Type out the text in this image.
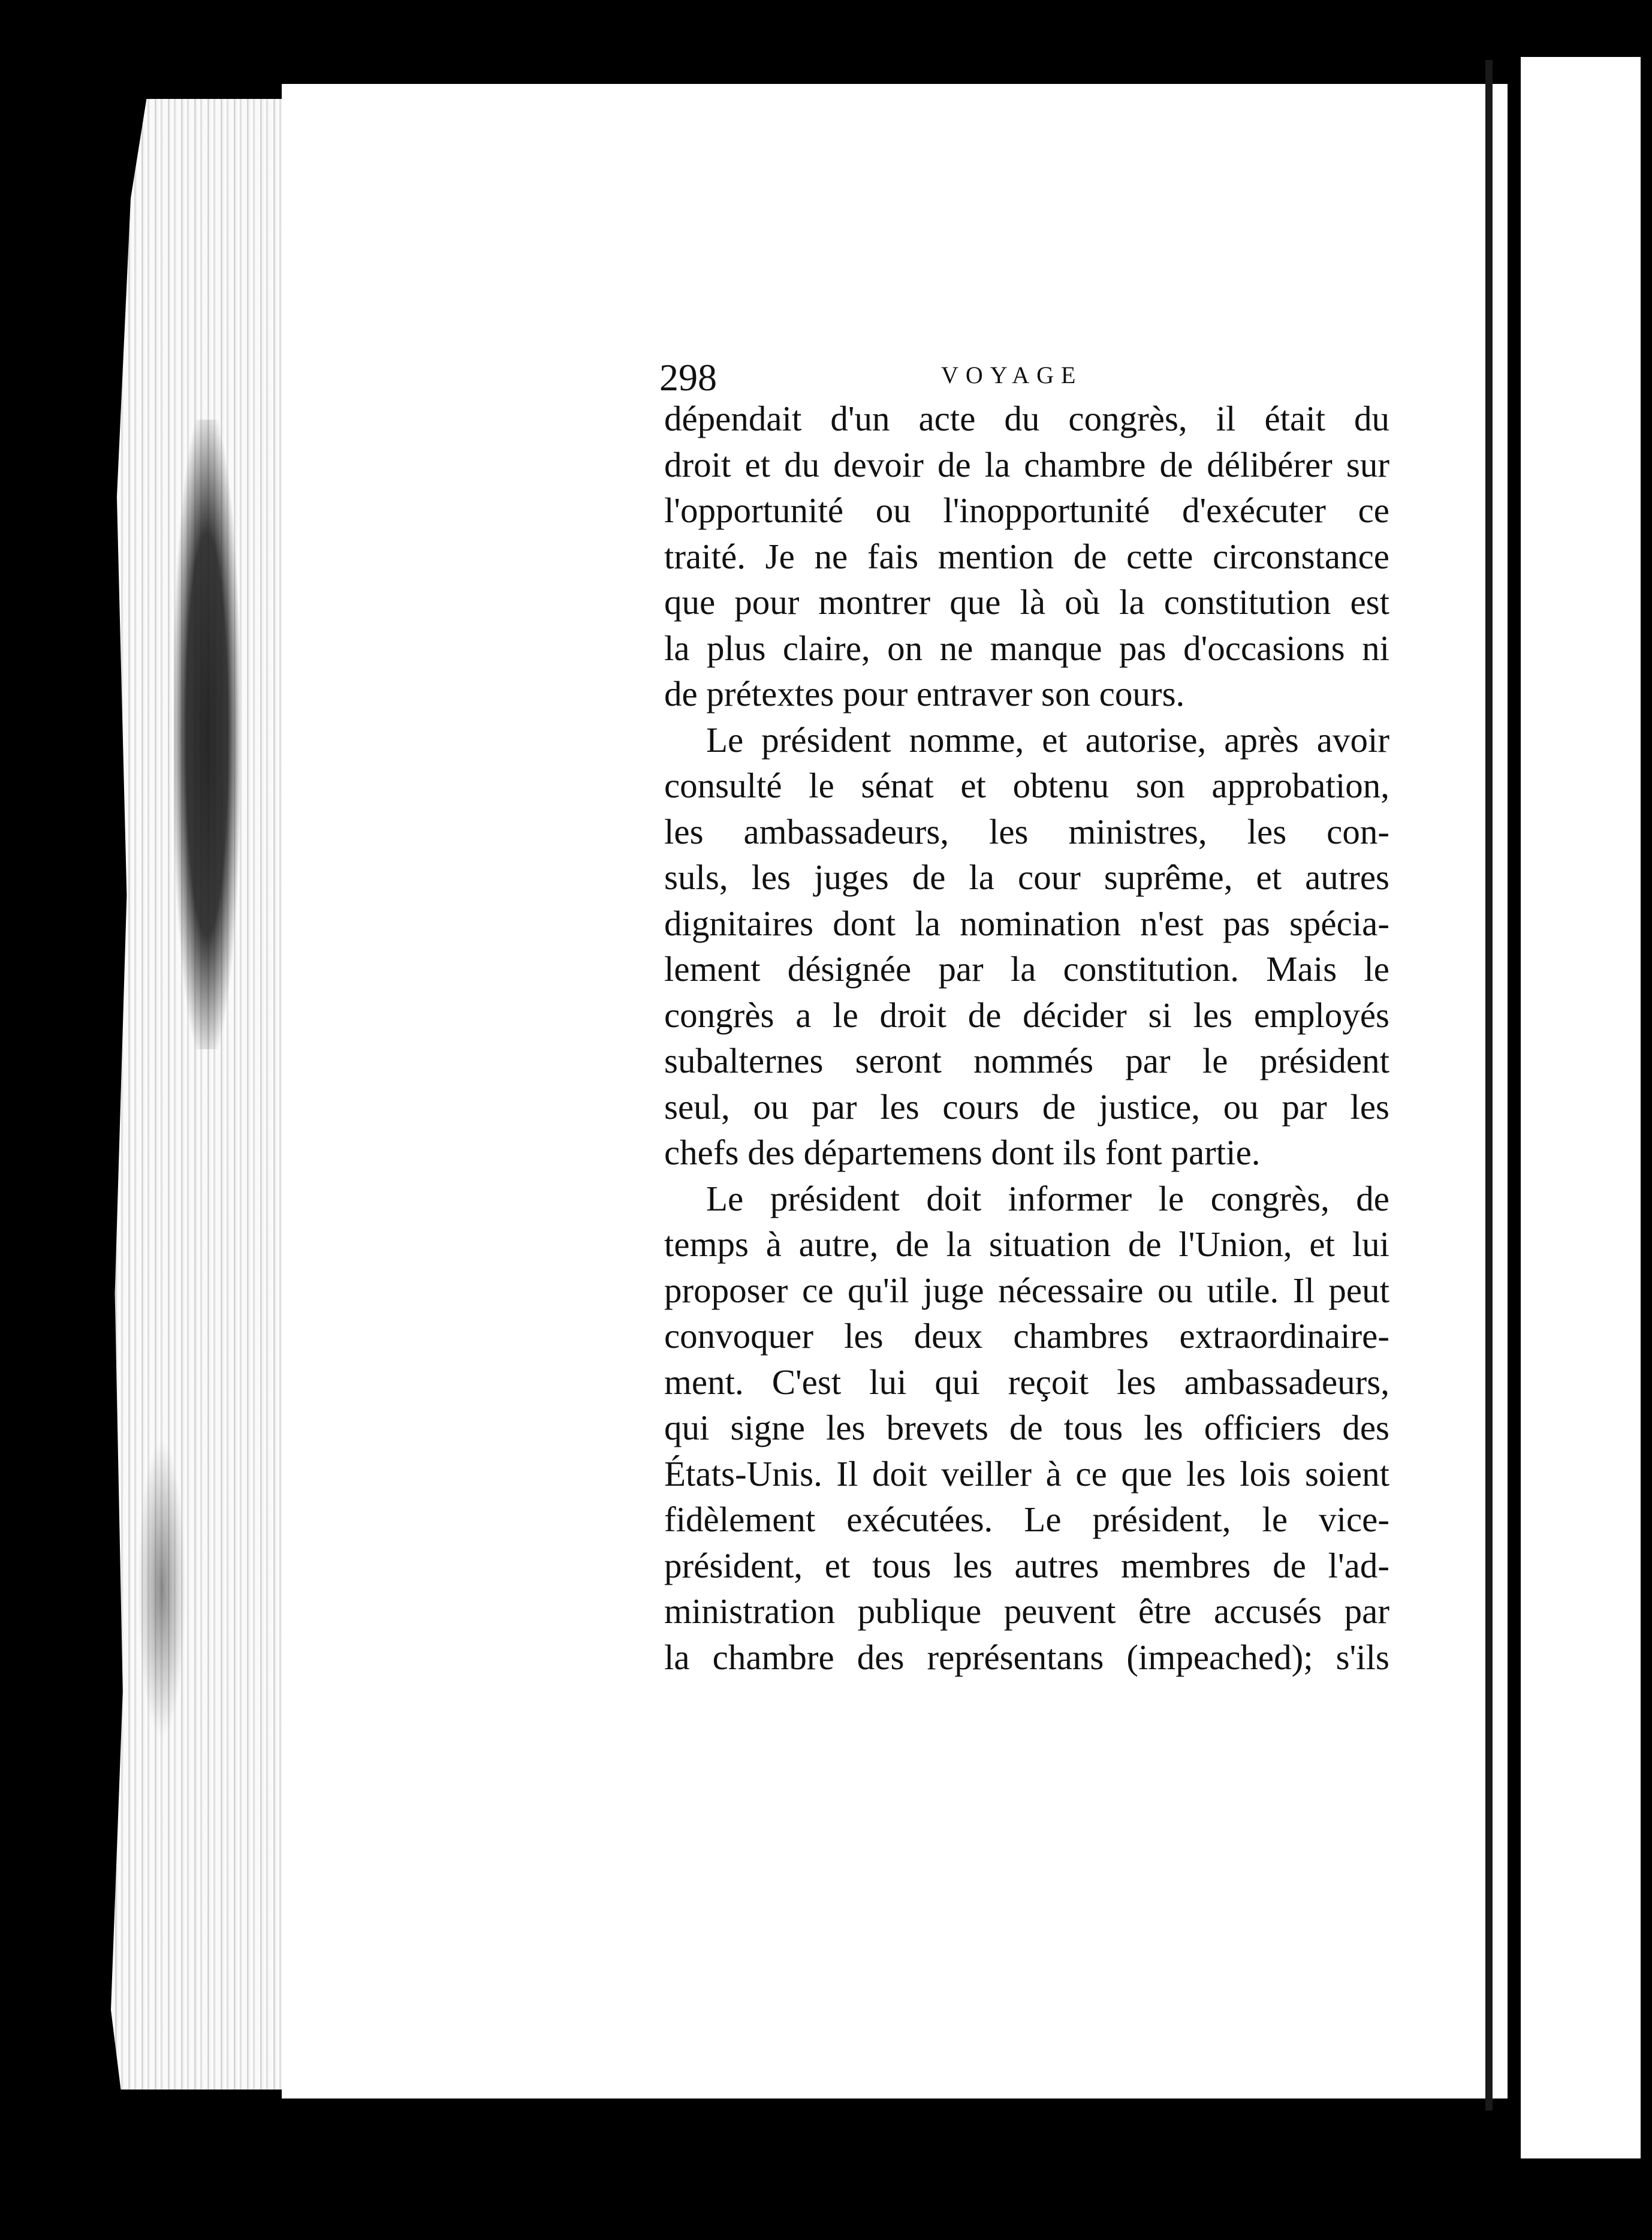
298	VOYAGE
dépendait d'un acte du congrès, il était du
droit et du devoir de la chambre de délibérer sur
l'opportunité ou l'inopportunité d'exécuter ce
traité. Je ne fais mention de cette circonstance
que pour montrer que là où la constitution est
la plus claire, on ne manque pas d'occasions ni
de prétextes pour entraver son cours.
Le président nomme, et autorise, après avoir
consulté le sénat et obtenu son approbation,
les ambassadeurs, les ministres, les con-
suls, les juges de la cour suprême, et autres
dignitaires dont la nomination n'est pas spécia-
lement désignée par la constitution. Mais le
congrès a le droit de décider si les employés
subalternes seront nommés par le président
seul, ou par les cours de justice, ou par les
chefs des départemens dont ils font partie.
Le président doit informer le congrès, de
temps à autre, de la situation de l'Union, et lui
proposer ce qu'il juge nécessaire ou utile. Il peut
convoquer les deux chambres extraordinaire-
ment. C'est lui qui reçoit les ambassadeurs,
qui signe les brevets de tous les officiers des
États-Unis. Il doit veiller à ce que les lois soient
fidèlement exécutées. Le président, le vice-
président, et tous les autres membres de l'ad-
ministration publique peuvent être accusés par
la chambre des représentans (impeached); s'ils
